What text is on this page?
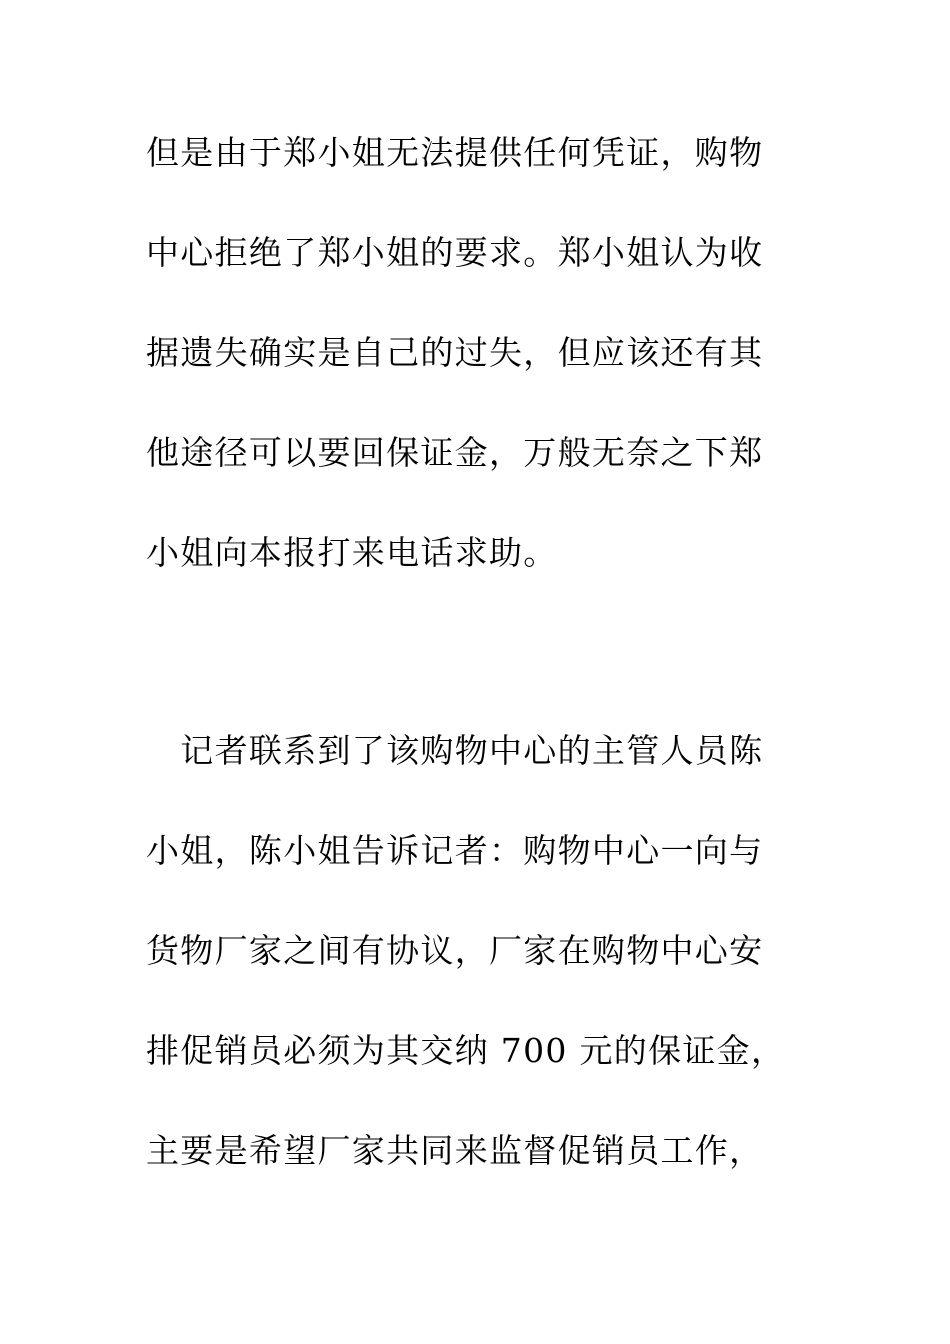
但是由于郑小姐无法提供任何凭证，购物
中心拒绝了郑小姐的要求。郑小姐认为收
据遗失确实是自己的过失，但应该还有其
他途径可以要回保证金，万般无奈之下郑
小姐向本报打来电话求助。
　记者联系到了该购物中心的主管人员陈
小姐，陈小姐告诉记者：购物中心一向与
货物厂家之间有协议，厂家在购物中心安
排促销员必须为其交纳 700 元的保证金，
主要是希望厂家共同来监督促销员工作，
